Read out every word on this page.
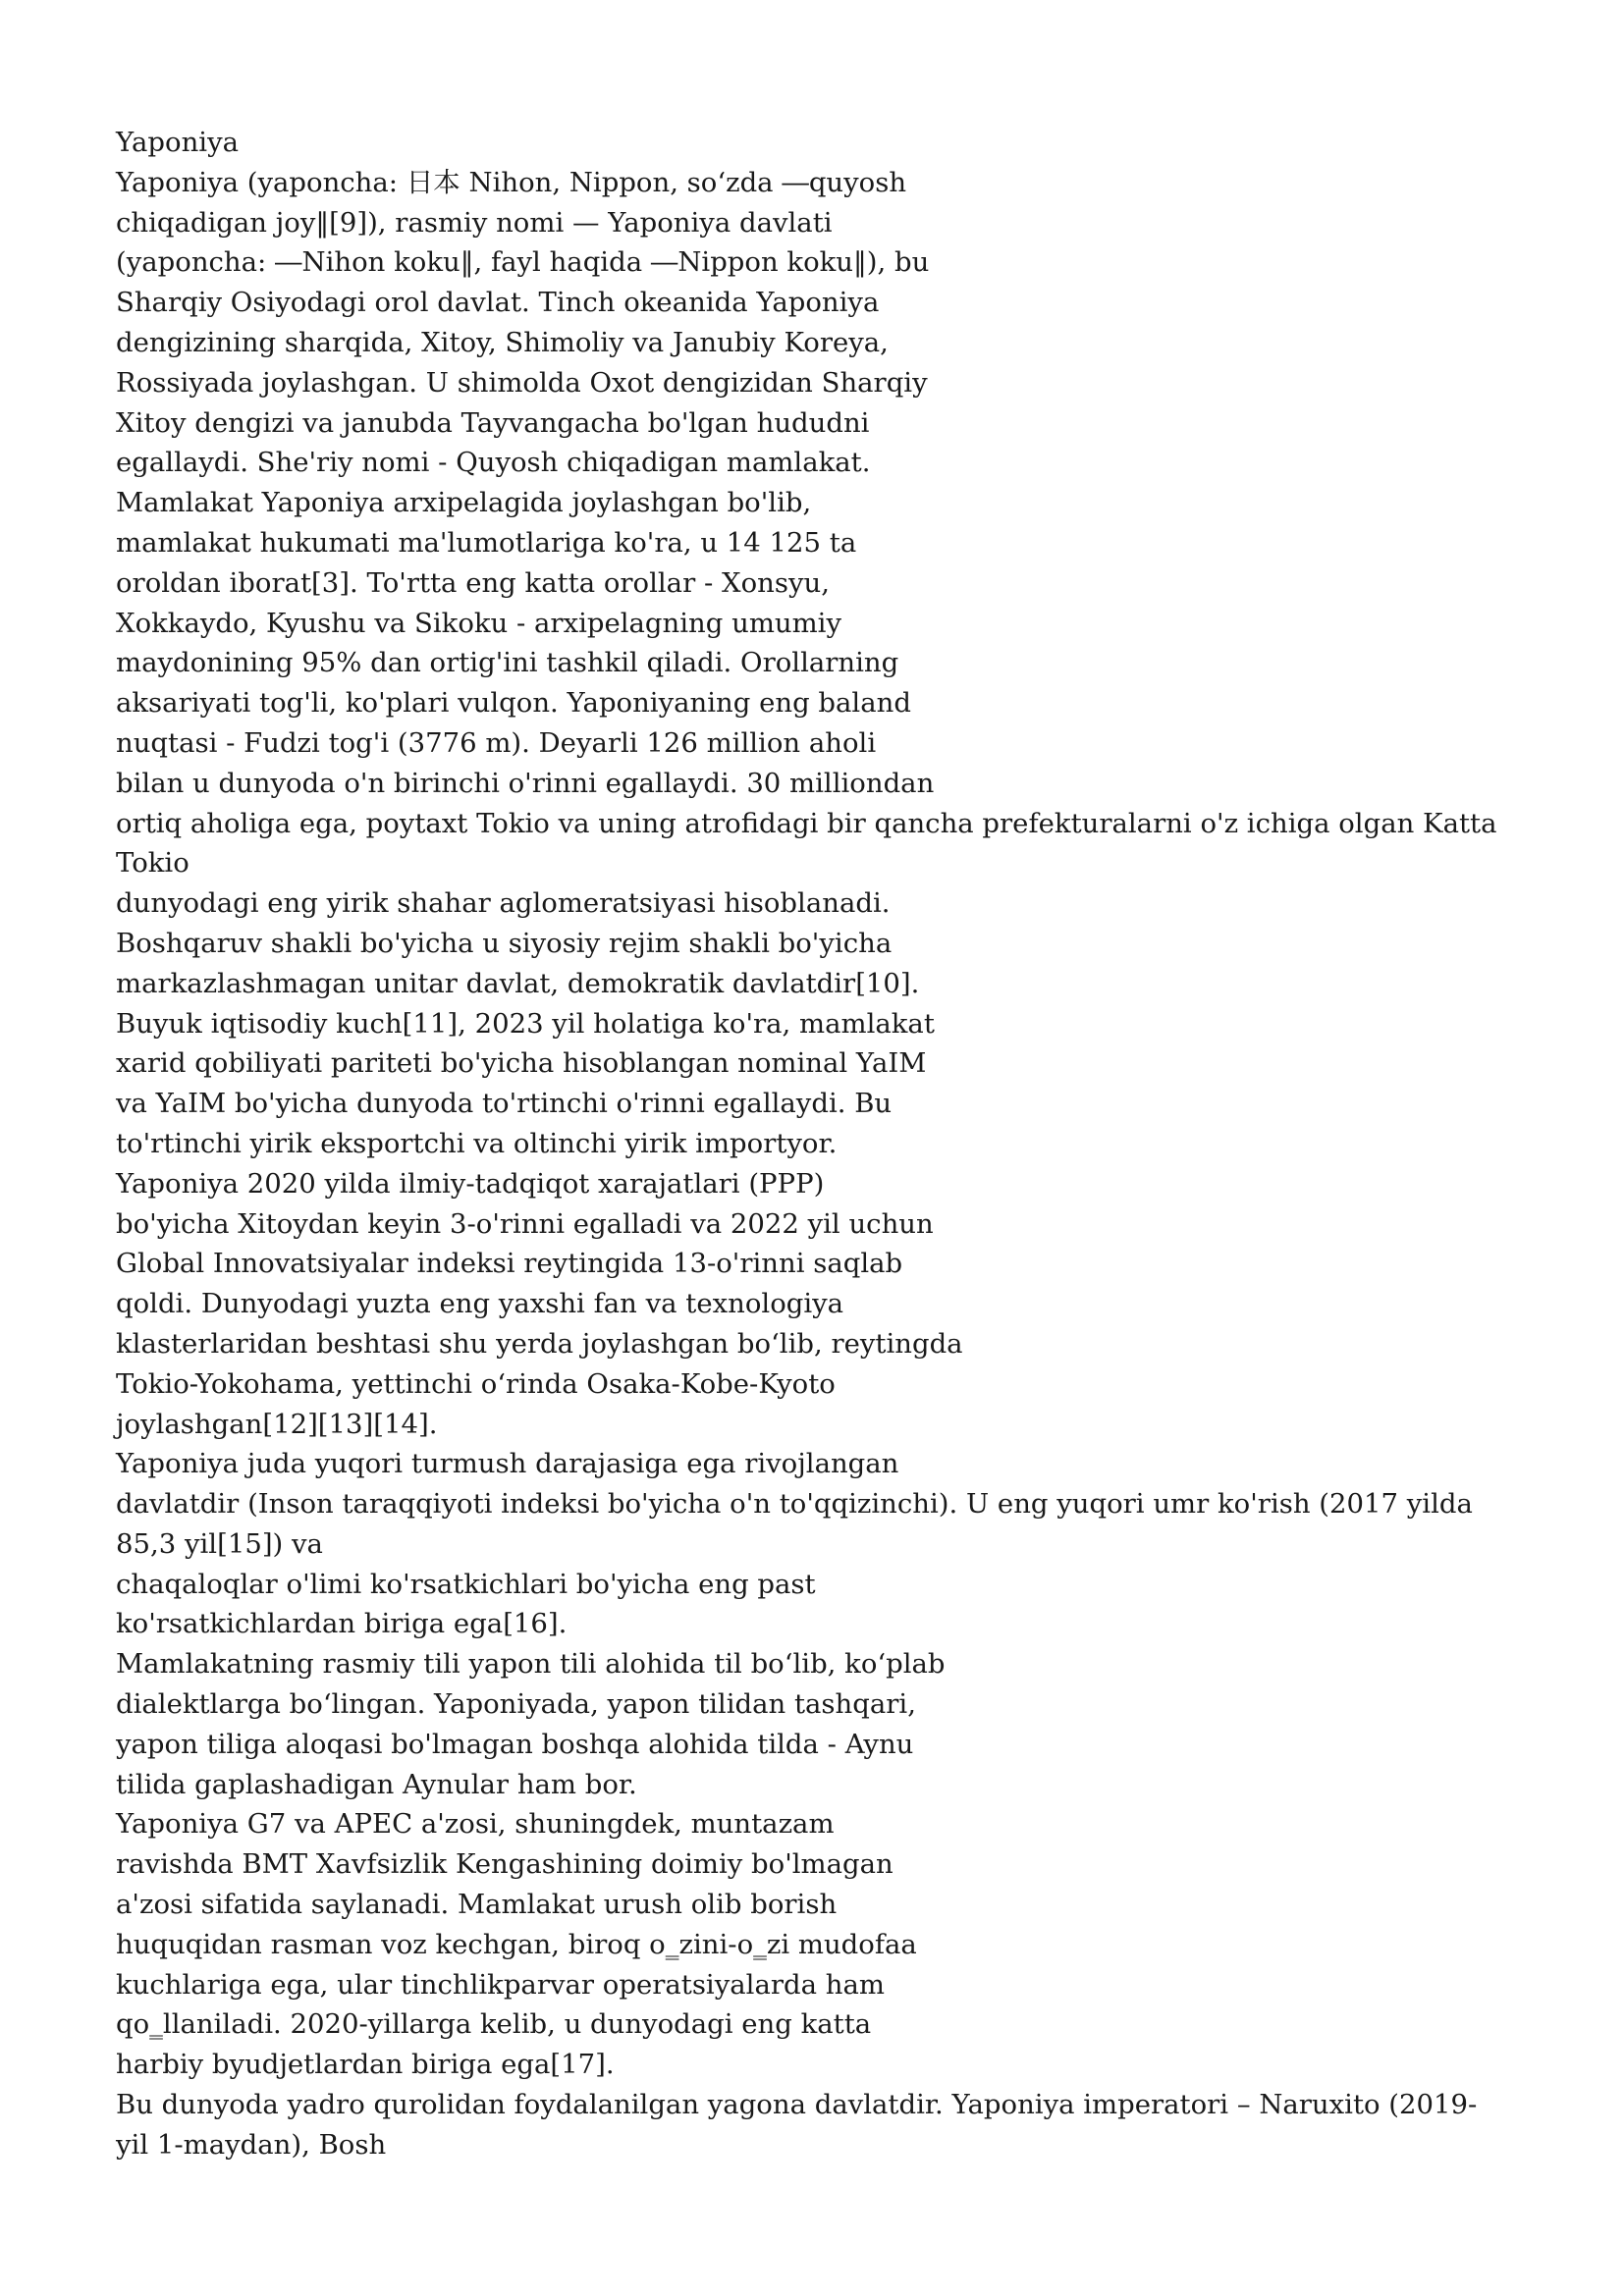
Yaponiya
Yaponiya (yaponcha: 日本 Nihon, Nippon, so‘zda ―quyosh
chiqadigan joy‖[9]), rasmiy nomi — Yaponiya davlati
(yaponcha: ―Nihon koku‖, fayl haqida ―Nippon koku‖), bu
Sharqiy Osiyodagi orol davlat. Tinch okeanida Yaponiya
dengizining sharqida, Xitoy, Shimoliy va Janubiy Koreya,
Rossiyada joylashgan. U shimolda Oxot dengizidan Sharqiy
Xitoy dengizi va janubda Tayvangacha bo'lgan hududni
egallaydi. She'riy nomi - Quyosh chiqadigan mamlakat.
Mamlakat Yaponiya arxipelagida joylashgan bo'lib,
mamlakat hukumati ma'lumotlariga ko'ra, u 14 125 ta
oroldan iborat[3]. To'rtta eng katta orollar - Xonsyu,
Xokkaydo, Kyushu va Sikoku - arxipelagning umumiy
maydonining 95% dan ortig'ini tashkil qiladi. Orollarning
aksariyati tog'li, ko'plari vulqon. Yaponiyaning eng baland
nuqtasi - Fudzi tog'i (3776 m). Deyarli 126 million aholi
bilan u dunyoda o'n birinchi o'rinni egallaydi. 30 milliondan
ortiq aholiga ega, poytaxt Tokio va uning atrofidagi bir qancha prefekturalarni o'z ichiga olgan Katta
Tokio
dunyodagi eng yirik shahar aglomeratsiyasi hisoblanadi.
Boshqaruv shakli bo'yicha u siyosiy rejim shakli bo'yicha
markazlashmagan unitar davlat, demokratik davlatdir[10].
Buyuk iqtisodiy kuch[11], 2023 yil holatiga ko'ra, mamlakat
xarid qobiliyati pariteti bo'yicha hisoblangan nominal YaIM
va YaIM bo'yicha dunyoda to'rtinchi o'rinni egallaydi. Bu
to'rtinchi yirik eksportchi va oltinchi yirik importyor.
Yaponiya 2020 yilda ilmiy-tadqiqot xarajatlari (PPP)
bo'yicha Xitoydan keyin 3-o'rinni egalladi va 2022 yil uchun
Global Innovatsiyalar indeksi reytingida 13-o'rinni saqlab
qoldi. Dunyodagi yuzta eng yaxshi fan va texnologiya
klasterlaridan beshtasi shu yerda joylashgan bo‘lib, reytingda
Tokio-Yokohama, yettinchi o‘rinda Osaka-Kobe-Kyoto
joylashgan[12][13][14].
Yaponiya juda yuqori turmush darajasiga ega rivojlangan
davlatdir (Inson taraqqiyoti indeksi bo'yicha o'n to'qqizinchi). U eng yuqori umr ko'rish (2017 yilda
85,3 yil[15]) va
chaqaloqlar o'limi ko'rsatkichlari bo'yicha eng past
ko'rsatkichlardan biriga ega[16].
Mamlakatning rasmiy tili yapon tili alohida til bo‘lib, ko‘plab
dialektlarga bo‘lingan. Yaponiyada, yapon tilidan tashqari,
yapon tiliga aloqasi bo'lmagan boshqa alohida tilda - Aynu
tilida gaplashadigan Aynular ham bor.
Yaponiya G7 va APEC a'zosi, shuningdek, muntazam
ravishda BMT Xavfsizlik Kengashining doimiy bo'lmagan
a'zosi sifatida saylanadi. Mamlakat urush olib borish
huquqidan rasman voz kechgan, biroq o‗zini-o‗zi mudofaa
kuchlariga ega, ular tinchlikparvar operatsiyalarda ham
qo‗llaniladi. 2020-yillarga kelib, u dunyodagi eng katta
harbiy byudjetlardan biriga ega[17].
Bu dunyoda yadro qurolidan foydalanilgan yagona davlatdir. Yaponiya imperatori – Naruxito (2019-
yil 1-maydan), Bosh
